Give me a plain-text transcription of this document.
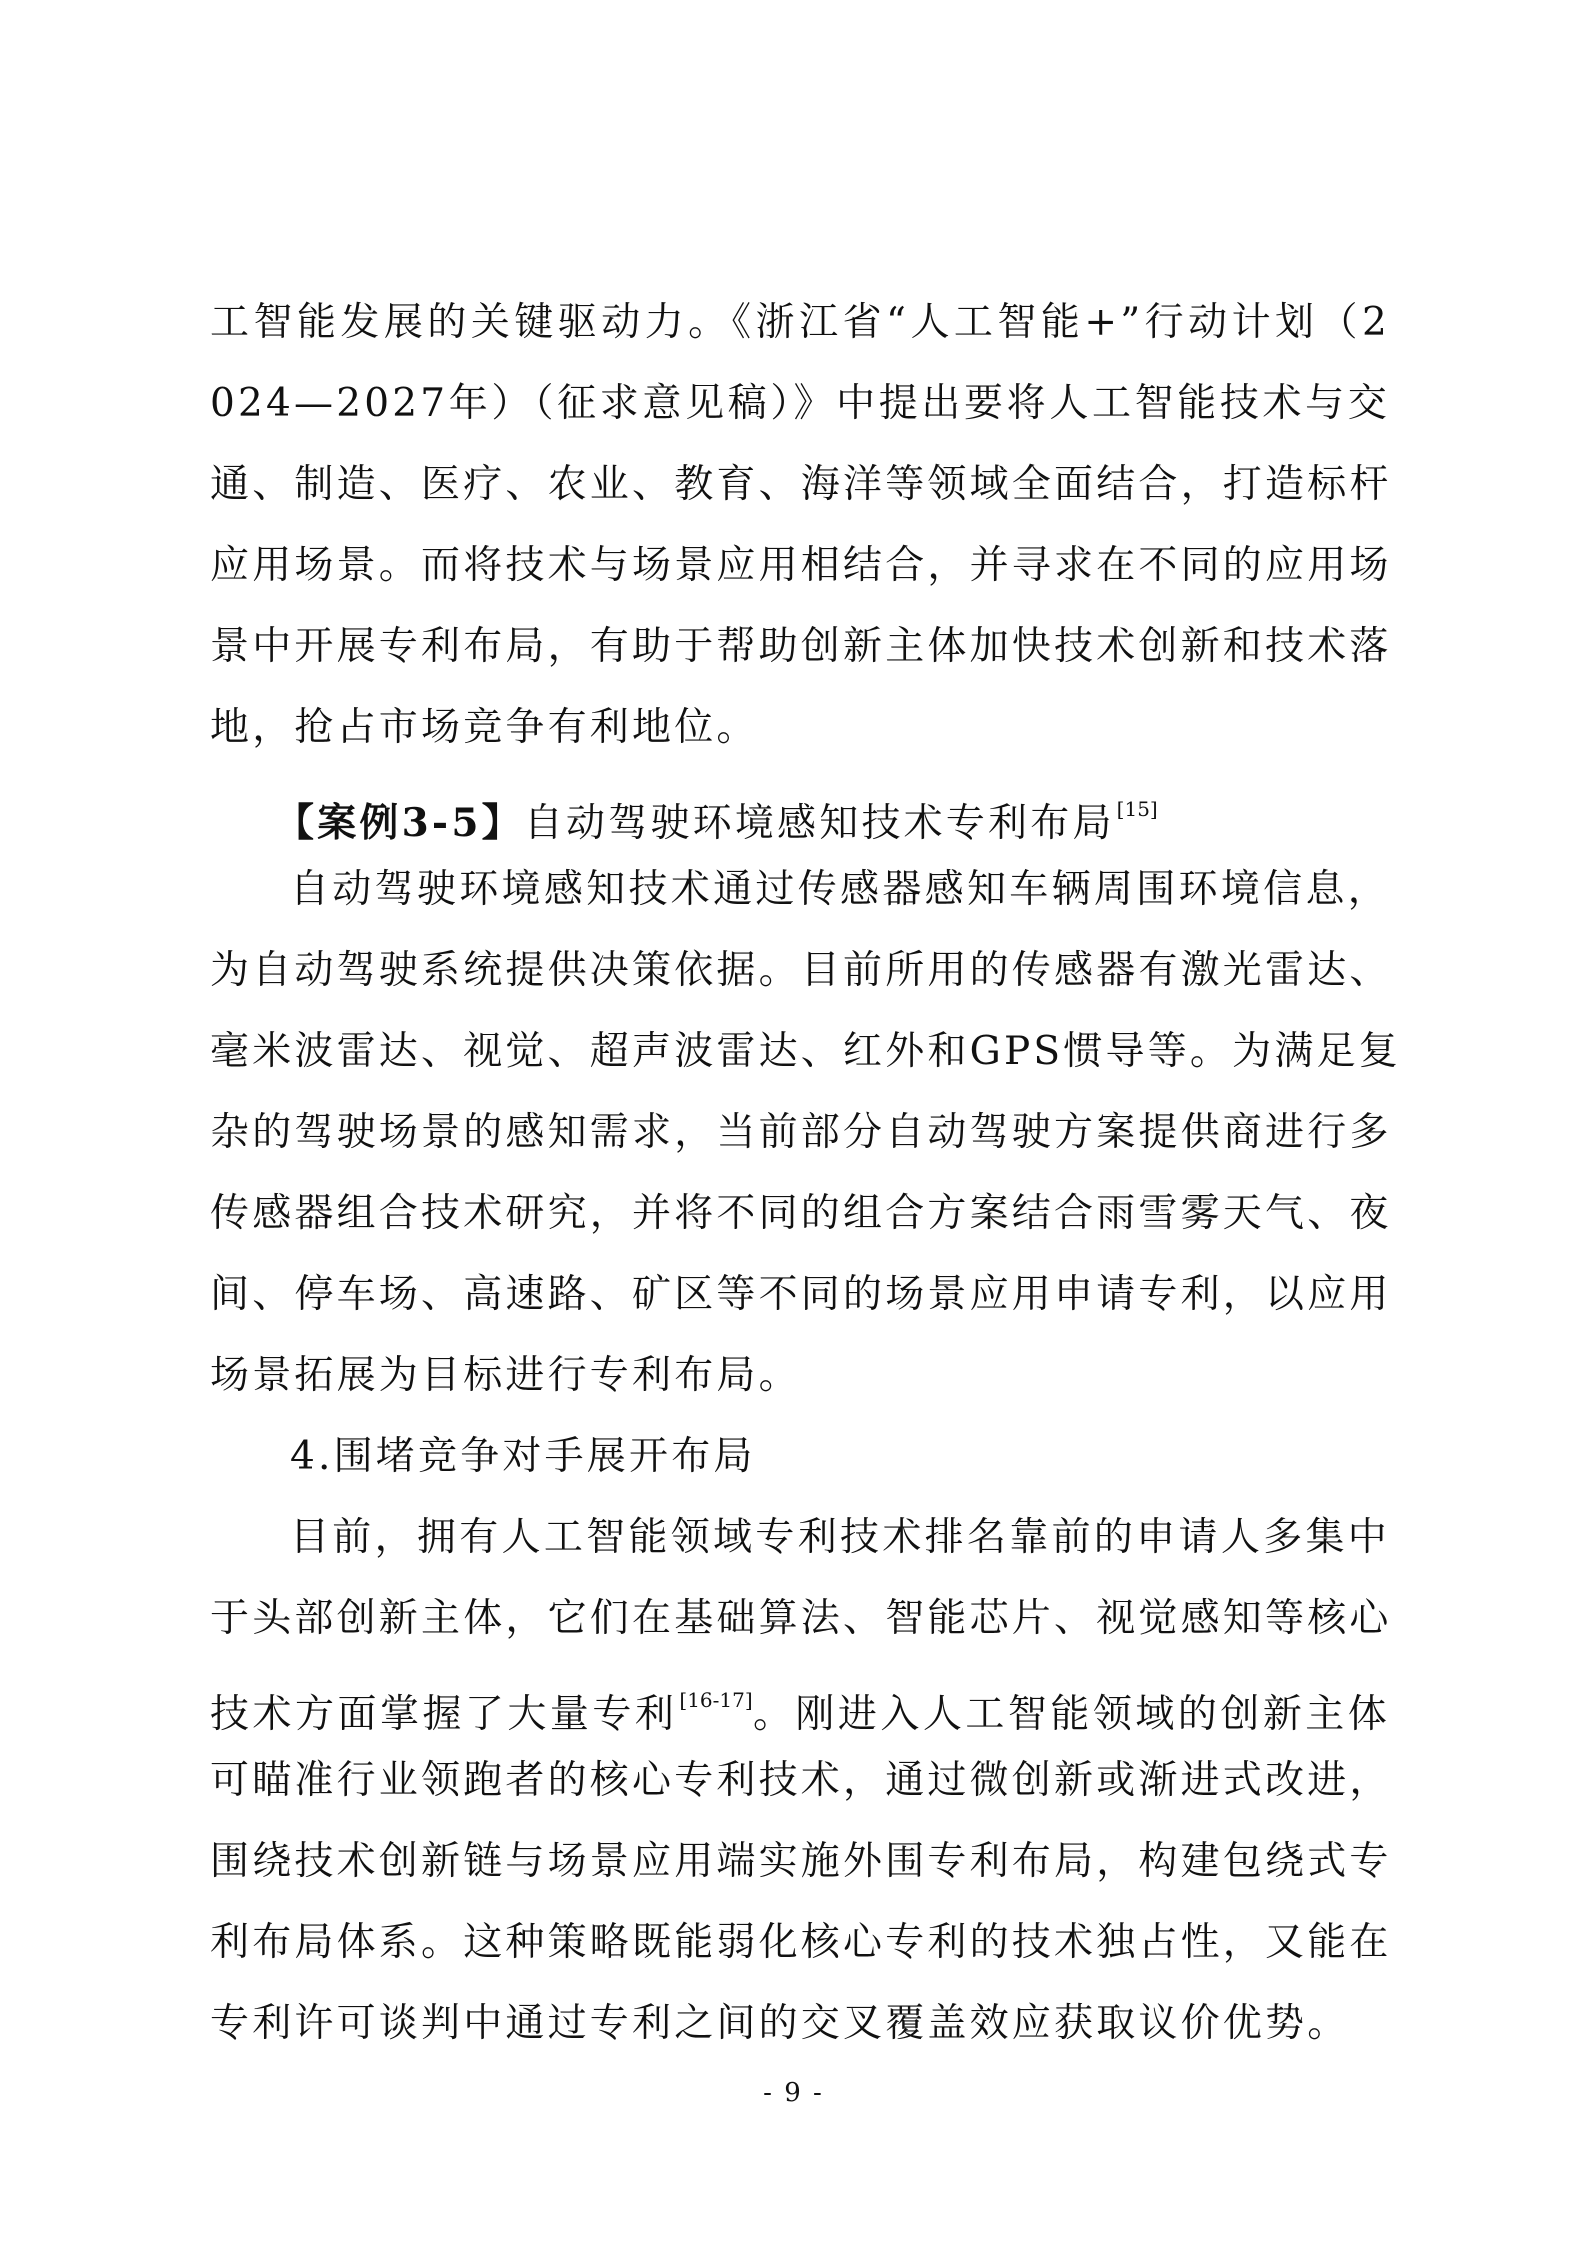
工智能发展的关键驱动力。《浙江省“人工智能+”行动计划（2
024—2027年）（征求意见稿）》中提出要将人工智能技术与交
通、制造、医疗、农业、教育、海洋等领域全面结合，打造标杆
应用场景。而将技术与场景应用相结合，并寻求在不同的应用场
景中开展专利布局，有助于帮助创新主体加快技术创新和技术落
地，抢占市场竞争有利地位。
【案例3-5】自动驾驶环境感知技术专利布局 [15]
自动驾驶环境感知技术通过传感器感知车辆周围环境信息，
为自动驾驶系统提供决策依据。目前所用的传感器有激光雷达、
毫米波雷达、视觉、超声波雷达、红外和GPS惯导等。为满足复
杂的驾驶场景的感知需求，当前部分自动驾驶方案提供商进行多
传感器组合技术研究，并将不同的组合方案结合雨雪雾天气、夜
间、停车场、高速路、矿区等不同的场景应用申请专利，以应用
场景拓展为目标进行专利布局。
4.围堵竞争对手展开布局
目前，拥有人工智能领域专利技术排名靠前的申请人多集中
于头部创新主体，它们在基础算法、智能芯片、视觉感知等核心
技术方面掌握了大量专利 [16-17]。刚进入人工智能领域的创新主体
可瞄准行业领跑者的核心专利技术，通过微创新或渐进式改进，
围绕技术创新链与场景应用端实施外围专利布局，构建包绕式专
利布局体系。这种策略既能弱化核心专利的技术独占性，又能在
专利许可谈判中通过专利之间的交叉覆盖效应获取议价优势。
- 9 -
